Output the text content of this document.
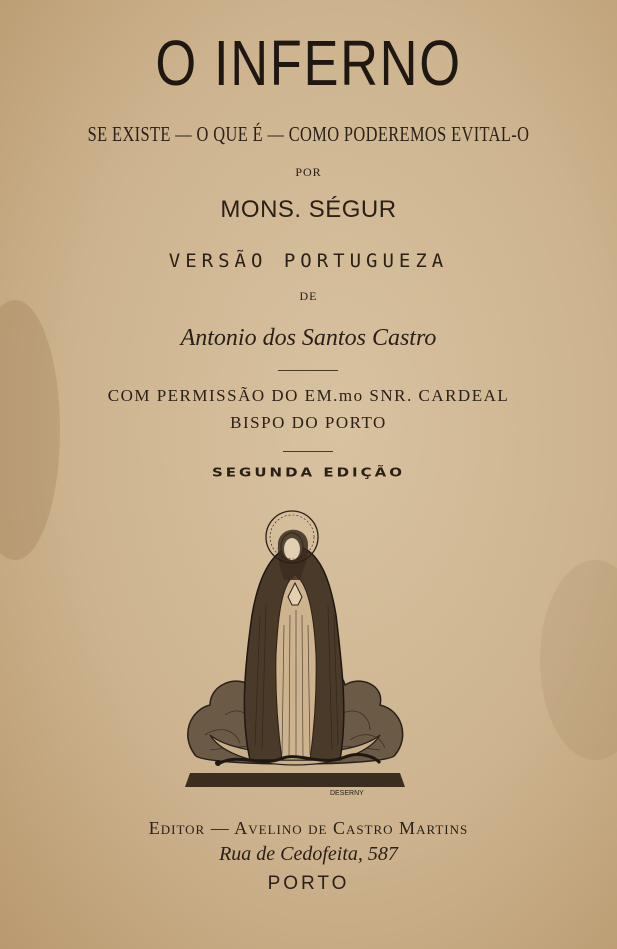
O INFERNO
SE EXISTE — O QUE É — COMO PODEREMOS EVITAL-O
POR
MONS. SÉGUR
VERSÃO PORTUGUEZA
DE
Antonio dos Santos Castro
COM PERMISSÃO DO EM.mo SNR. CARDEAL
BISPO DO PORTO
SEGUNDA EDIÇÃO
DESERNY
Editor — Avelino de Castro Martins
Rua de Cedofeita, 587
PORTO
